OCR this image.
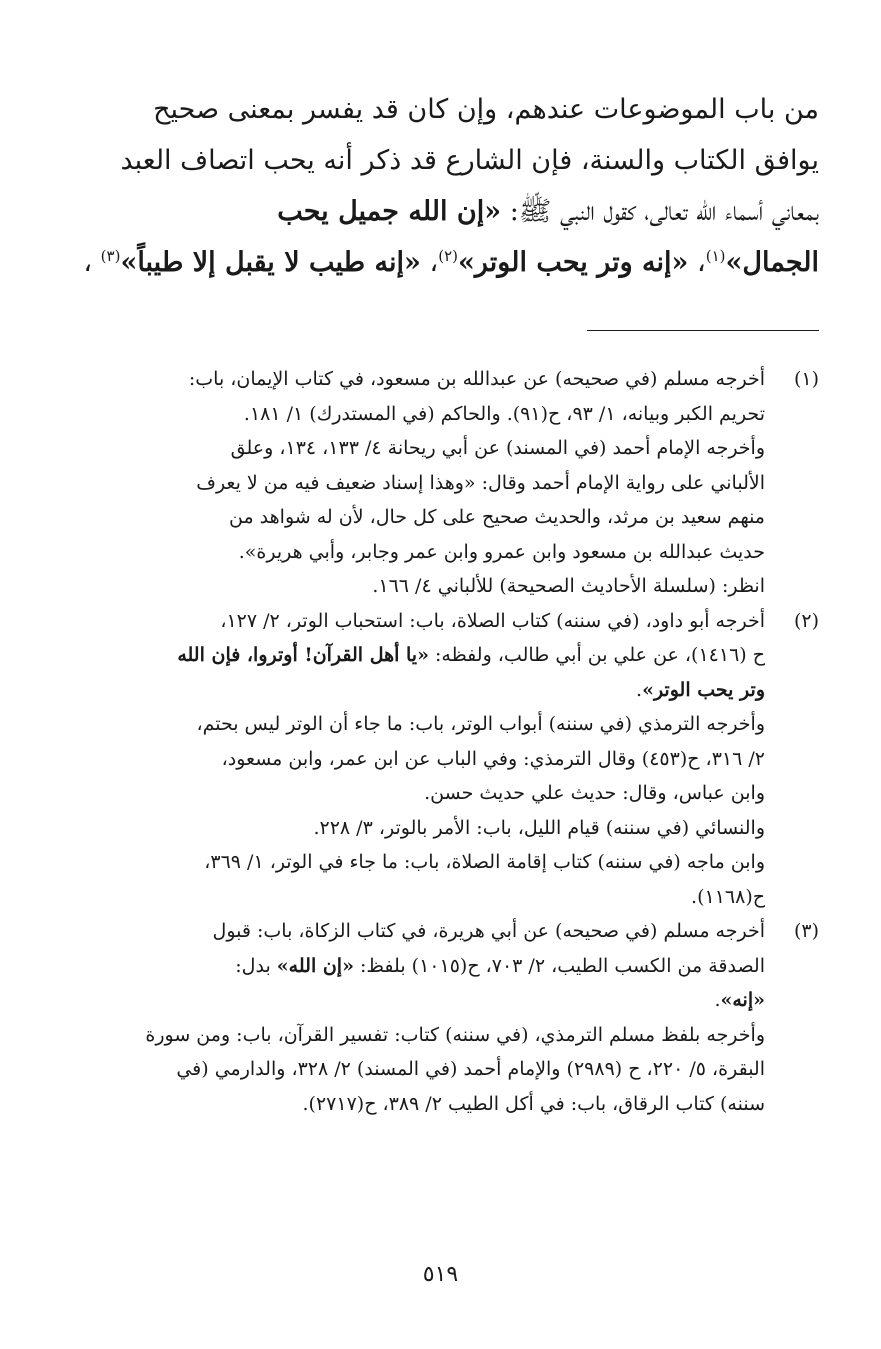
من باب الموضوعات عندهم، وإن كان قد يفسر بمعنى صحيح
يوافق الكتاب والسنة، فإن الشارع قد ذكر أنه يحب اتصاف العبد
بمعاني أسماء الله تعالى، كقول النبي ﷺ: «إن الله جميل يحب
الجمال»$^{(١)}$، «إنه وتر يحب الوتر»$^{(٢)}$، «إنه طيب لا يقبل إلا طيباً»$^{(٣)}$ ،
(١)
أخرجه مسلم (في صحيحه) عن عبدالله بن مسعود، في كتاب الإيمان، باب:
تحريم الكبر وبيانه، ١/ ٩٣، ح(٩١). والحاكم (في المستدرك) ١/ ١٨١.
وأخرجه الإمام أحمد (في المسند) عن أبي ريحانة ٤/ ١٣٣، ١٣٤، وعلق
الألباني على رواية الإمام أحمد وقال: «وهذا إسناد ضعيف فيه من لا يعرف
منهم سعيد بن مرثد، والحديث صحيح على كل حال، لأن له شواهد من
حديث عبدالله بن مسعود وابن عمرو وابن عمر وجابر، وأبي هريرة».
انظر: (سلسلة الأحاديث الصحيحة) للألباني ٤/ ١٦٦.
(٢)
أخرجه أبو داود، (في سننه) كتاب الصلاة، باب: استحباب الوتر، ٢/ ١٢٧،
ح (١٤١٦)، عن علي بن أبي طالب، ولفظه: «يا أهل القرآن! أوتروا، فإن الله
وتر يحب الوتر».
وأخرجه الترمذي (في سننه) أبواب الوتر، باب: ما جاء أن الوتر ليس بحتم،
٢/ ٣١٦، ح(٤٥٣) وقال الترمذي: وفي الباب عن ابن عمر، وابن مسعود،
وابن عباس، وقال: حديث علي حديث حسن.
والنسائي (في سننه) قيام الليل، باب: الأمر بالوتر، ٣/ ٢٢٨.
وابن ماجه (في سننه) كتاب إقامة الصلاة، باب: ما جاء في الوتر، ١/ ٣٦٩،
ح(١١٦٨).
(٣)
أخرجه مسلم (في صحيحه) عن أبي هريرة، في كتاب الزكاة، باب: قبول
الصدقة من الكسب الطيب، ٢/ ٧٠٣، ح(١٠١٥) بلفظ: «إن الله» بدل:
«إنه».
وأخرجه بلفظ مسلم الترمذي، (في سننه) كتاب: تفسير القرآن، باب: ومن سورة
البقرة، ٥/ ٢٢٠، ح (٢٩٨٩) والإمام أحمد (في المسند) ٢/ ٣٢٨، والدارمي (في
سننه) كتاب الرقاق، باب: في أكل الطيب ٢/ ٣٨٩، ح(٢٧١٧).
٥١٩
